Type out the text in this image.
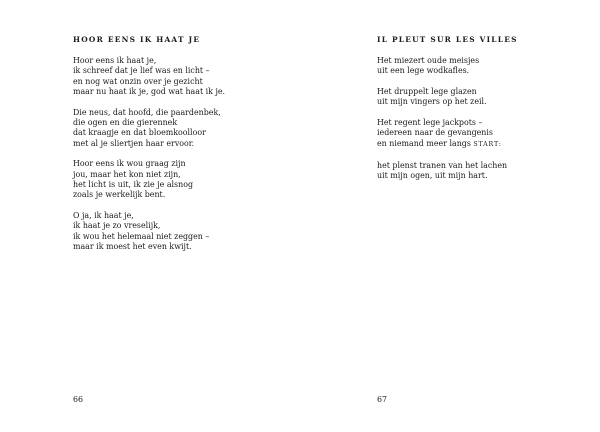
HOOR EENS IK HAAT JE
Hoor eens ik haat je,
ik schreef dat je lief was en licht –
en nog wat onzin over je gezicht
maar nu haat ik je, god wat haat ik je.
Die neus, dat hoofd, die paardenbek,
die ogen en die gierennek
dat kraagje en dat bloemkoolloor
met al je sliertjen haar ervoor.
Hoor eens ik wou graag zijn
jou, maar het kon niet zijn,
het licht is uit, ik zie je alsnog
zoals je werkelijk bent.
O ja, ik haat je,
ik haat je zo vreselijk,
ik wou het helemaal niet zeggen –
maar ik moest het even kwijt.
66
IL PLEUT SUR LES VILLES
Het miezert oude meisjes
uit een lege wodkafles.
Het druppelt lege glazen
uit mijn vingers op het zeil.
Het regent lege jackpots –
iedereen naar de gevangenis
en niemand meer langs START:
het plenst tranen van het lachen
uit mijn ogen, uit mijn hart.
67
